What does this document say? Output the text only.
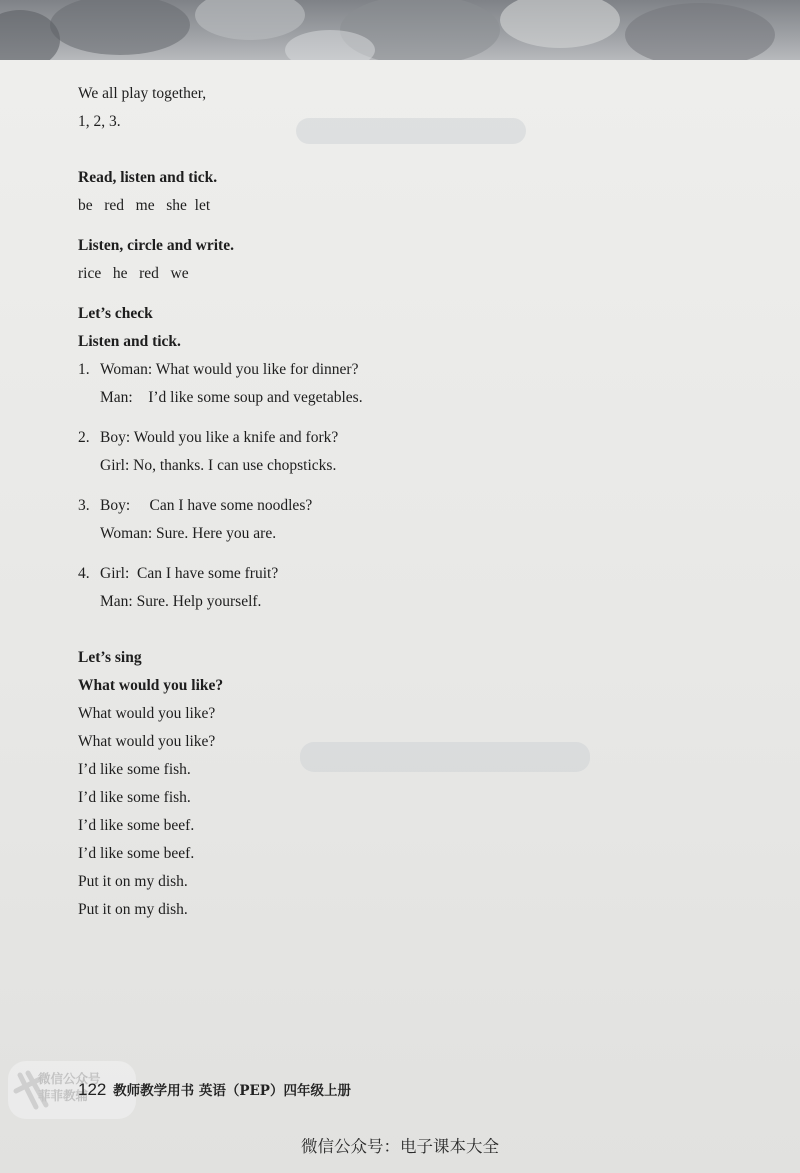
We all play together,
1, 2, 3.
Read, listen and tick.
be   red   me   she  let
Listen, circle and write.
rice   he   red   we
Let’s check
Listen and tick.
1. Woman: What would you like for dinner?
Man:    I’d like some soup and vegetables.
2. Boy: Would you like a knife and fork?
Girl: No, thanks. I can use chopsticks.
3. Boy:     Can I have some noodles?
Woman: Sure. Here you are.
4. Girl:  Can I have some fruit?
Man: Sure. Help yourself.
Let’s sing
What would you like?
What would you like?
What would you like?
I’d like some fish.
I’d like some fish.
I’d like some beef.
I’d like some beef.
Put it on my dish.
Put it on my dish.
微信公众号
菲菲教辅
122 教师教学用书 英语（PEP）四年级上册
微信公众号：电子课本大全
